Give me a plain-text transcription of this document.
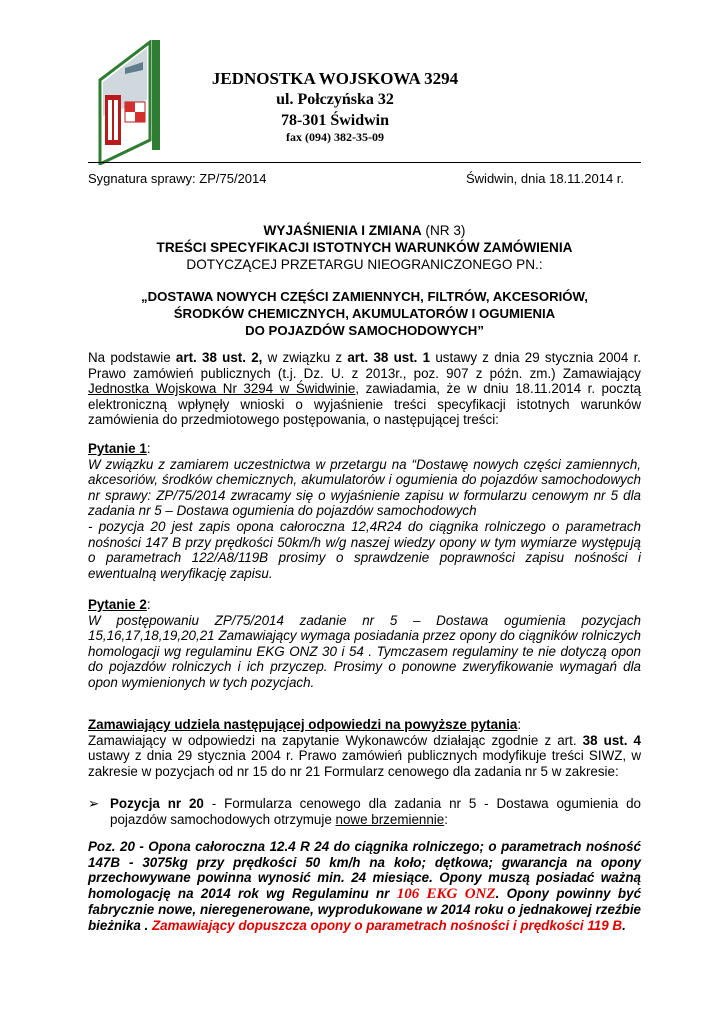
JEDNOSTKA WOJSKOWA 3294
ul. Połczyńska 32
78-301 Świdwin
fax (094) 382-35-09
Sygnatura sprawy: ZP/75/2014	Świdwin, dnia 18.11.2014 r.
WYJAŚNIENIA I ZMIANA (NR 3)
TREŚCI SPECYFIKACJI ISTOTNYCH WARUNKÓW ZAMÓWIENIA
DOTYCZĄCEJ PRZETARGU NIEOGRANICZONEGO PN.:
„DOSTAWA NOWYCH CZĘŚCI ZAMIENNYCH, FILTRÓW, AKCESORIÓW,
ŚRODKÓW CHEMICZNYCH, AKUMULATORÓW I OGUMIENIA
DO POJAZDÓW SAMOCHODOWYCH”
Na podstawie art. 38 ust. 2, w związku z art. 38 ust. 1 ustawy z dnia 29 stycznia 2004 r. Prawo zamówień publicznych (t.j. Dz. U. z 2013r., poz. 907 z późn. zm.) Zamawiający Jednostka Wojskowa Nr 3294 w Świdwinie, zawiadamia, że w dniu 18.11.2014 r. pocztą elektroniczną wpłynęły wnioski o wyjaśnienie treści specyfikacji istotnych warunków zamówienia do przedmiotowego postępowania, o następującej treści:
Pytanie 1:
W związku z zamiarem uczestnictwa w przetargu na “Dostawę nowych części zamiennych, akcesoriów, środków chemicznych, akumulatorów i ogumienia do pojazdów samochodowych nr sprawy: ZP/75/2014 zwracamy się o wyjaśnienie zapisu w formularzu cenowym nr 5 dla zadania nr 5 – Dostawa ogumienia do pojazdów samochodowych
- pozycja 20 jest zapis opona całoroczna 12,4R24 do ciągnika rolniczego o parametrach nośności 147 B przy prędkości 50km/h w/g naszej wiedzy opony w tym wymiarze występują o parametrach 122/A8/119B prosimy o sprawdzenie poprawności zapisu nośności i ewentualną weryfikację zapisu.
Pytanie 2:
W postępowaniu ZP/75/2014 zadanie nr 5 – Dostawa ogumienia pozycjach 15,16,17,18,19,20,21 Zamawiający wymaga posiadania przez opony do ciągników rolniczych homologacji wg regulaminu EKG ONZ 30 i 54 . Tymczasem regulaminy te nie dotyczą opon do pojazdów rolniczych i ich przyczep. Prosimy o ponowne zweryfikowanie wymagań dla opon wymienionych w tych pozycjach.
Zamawiający udziela następującej odpowiedzi na powyższe pytania:
Zamawiający w odpowiedzi na zapytanie Wykonawców działając zgodnie z art. 38 ust. 4 ustawy z dnia 29 stycznia 2004 r. Prawo zamówień publicznych modyfikuje treści SIWZ, w zakresie w pozycjach od nr 15 do nr 21 Formularz cenowego dla zadania nr 5 w zakresie:
➢ Pozycja nr 20 - Formularza cenowego dla zadania nr 5 - Dostawa ogumienia do pojazdów samochodowych otrzymuje nowe brzemiennie:
Poz. 20 - Opona całoroczna 12.4 R 24 do ciągnika rolniczego; o parametrach nośność 147B - 3075kg przy prędkości 50 km/h na koło; dętkowa; gwarancja na opony przechowywane powinna wynosić min. 24 miesiące. Opony muszą posiadać ważną homologację na 2014 rok wg Regulaminu nr 106 EKG ONZ. Opony powinny być fabrycznie nowe, nieregenerowane, wyprodukowane w 2014 roku o jednakowej rzeźbie bieżnika . Zamawiający dopuszcza opony o parametrach nośności i prędkości 119 B.
